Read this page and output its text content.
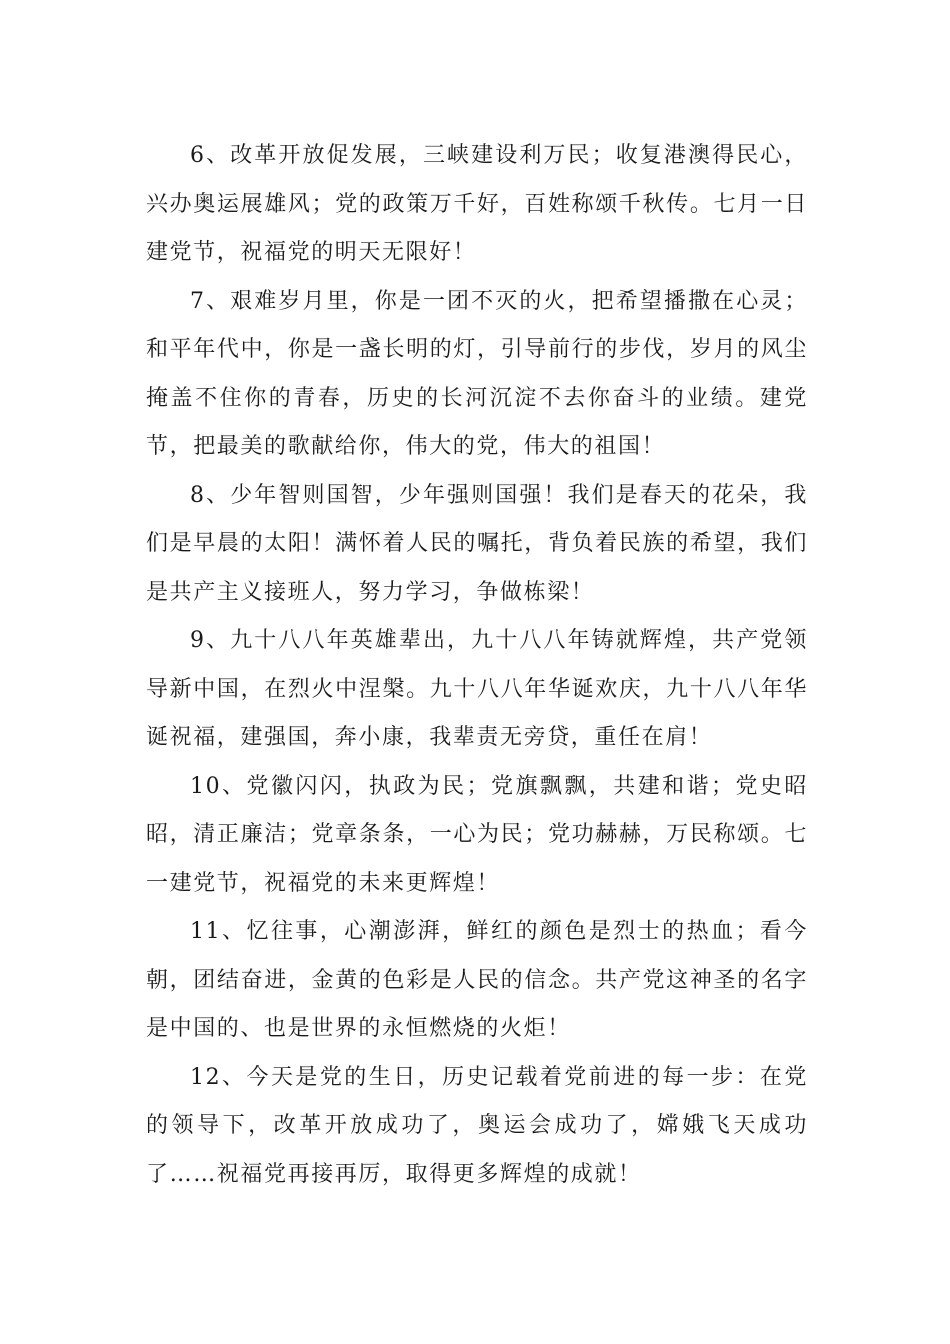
6、改革开放促发展，三峡建设利万民；收复港澳得民心，兴办奥运展雄风；党的政策万千好，百姓称颂千秋传。七月一日建党节，祝福党的明天无限好！

7、艰难岁月里，你是一团不灭的火，把希望播撒在心灵；和平年代中，你是一盏长明的灯，引导前行的步伐，岁月的风尘掩盖不住你的青春，历史的长河沉淀不去你奋斗的业绩。建党节，把最美的歌献给你，伟大的党，伟大的祖国！

8、少年智则国智，少年强则国强！我们是春天的花朵，我们是早晨的太阳！满怀着人民的嘱托，背负着民族的希望，我们是共产主义接班人，努力学习，争做栋梁！

9、九十八八年英雄辈出，九十八八年铸就辉煌，共产党领导新中国，在烈火中涅槃。九十八八年华诞欢庆，九十八八年华诞祝福，建强国，奔小康，我辈责无旁贷，重任在肩！

10、党徽闪闪，执政为民；党旗飘飘，共建和谐；党史昭昭，清正廉洁；党章条条，一心为民；党功赫赫，万民称颂。七一建党节，祝福党的未来更辉煌！

11、忆往事，心潮澎湃，鲜红的颜色是烈士的热血；看今朝，团结奋进，金黄的色彩是人民的信念。共产党这神圣的名字是中国的、也是世界的永恒燃烧的火炬！

12、今天是党的生日，历史记载着党前进的每一步：在党的领导下，改革开放成功了，奥运会成功了，嫦娥飞天成功了……祝福党再接再厉，取得更多辉煌的成就！
